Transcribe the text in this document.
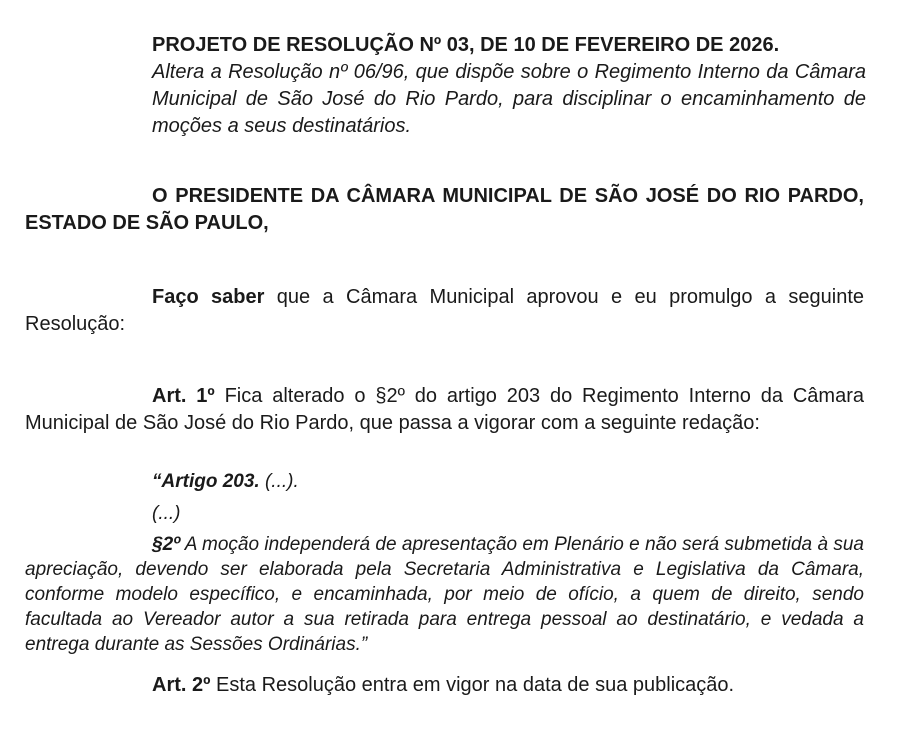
PROJETO DE RESOLUÇÃO Nº 03, DE 10 DE FEVEREIRO DE 2026.

Altera a Resolução nº 06/96, que dispõe sobre o Regimento Interno da Câmara Municipal de São José do Rio Pardo, para disciplinar o encaminhamento de moções a seus destinatários.

O PRESIDENTE DA CÂMARA MUNICIPAL DE SÃO JOSÉ DO RIO PARDO, ESTADO DE SÃO PAULO,

Faço saber que a Câmara Municipal aprovou e eu promulgo a seguinte Resolução:

Art. 1º Fica alterado o §2º do artigo 203 do Regimento Interno da Câmara Municipal de São José do Rio Pardo, que passa a vigorar com a seguinte redação:

“Artigo 203. (...).

(...)

§2º A moção independerá de apresentação em Plenário e não será submetida à sua apreciação, devendo ser elaborada pela Secretaria Administrativa e Legislativa da Câmara, conforme modelo específico, e encaminhada, por meio de ofício, a quem de direito, sendo facultada ao Vereador autor a sua retirada para entrega pessoal ao destinatário, e vedada a entrega durante as Sessões Ordinárias.”

Art. 2º Esta Resolução entra em vigor na data de sua publicação.
